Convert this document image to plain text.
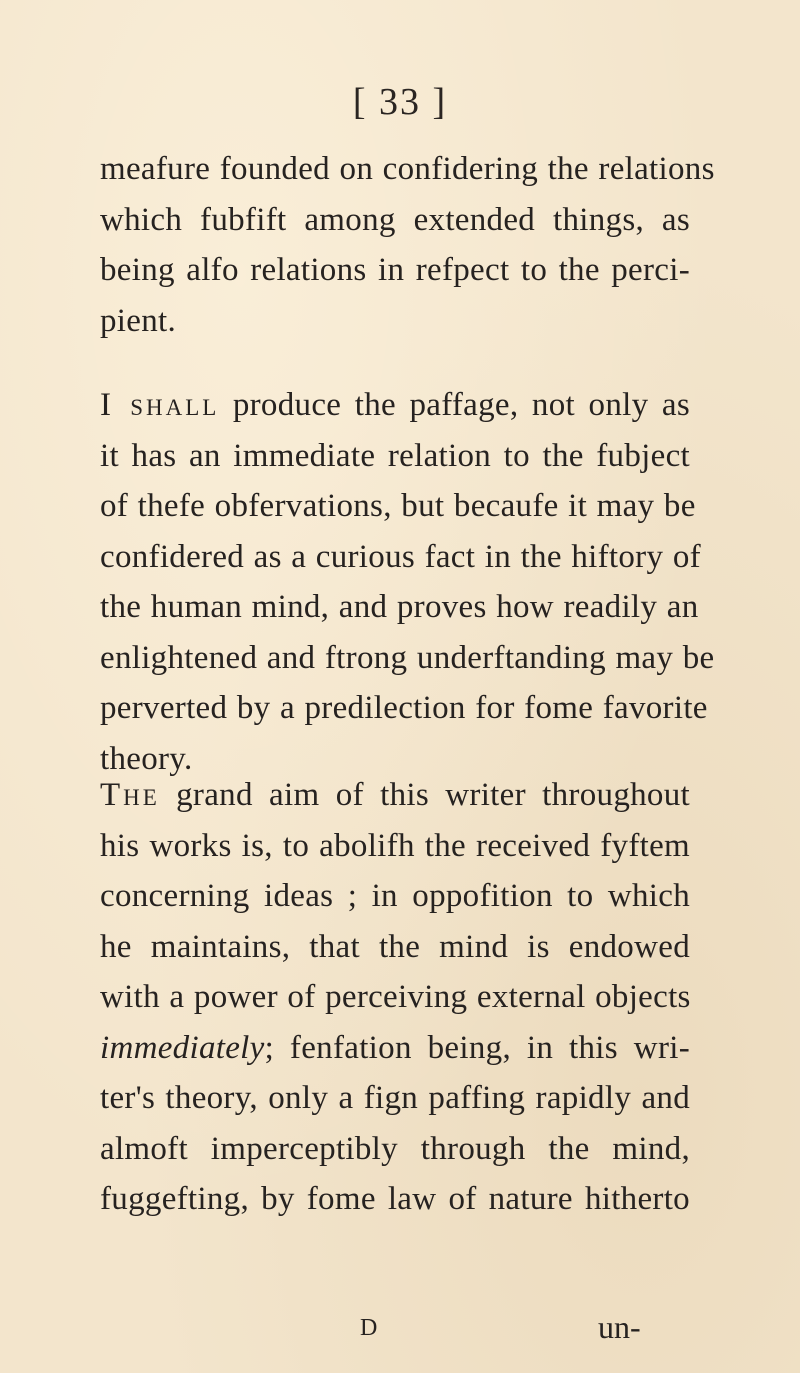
[ 33 ]
meafure founded on confidering the relations
which fubfift among extended things, as
being alfo relations in refpect to the perci-
pient.
I shall produce the paffage, not only as
it has an immediate relation to the fubject
of thefe obfervations, but becaufe it may be
confidered as a curious fact in the hiftory of
the human mind, and proves how readily an
enlightened and ftrong underftanding may be
perverted by a predilection for fome favorite
theory.
The grand aim of this writer throughout
his works is, to abolifh the received fyftem
concerning ideas ; in oppofition to which
he maintains, that the mind is endowed
with a power of perceiving external objects
immediately; fenfation being, in this wri-
ter's theory, only a fign paffing rapidly and
almoft imperceptibly through the mind,
fuggefting, by fome law of nature hitherto
D	un-
